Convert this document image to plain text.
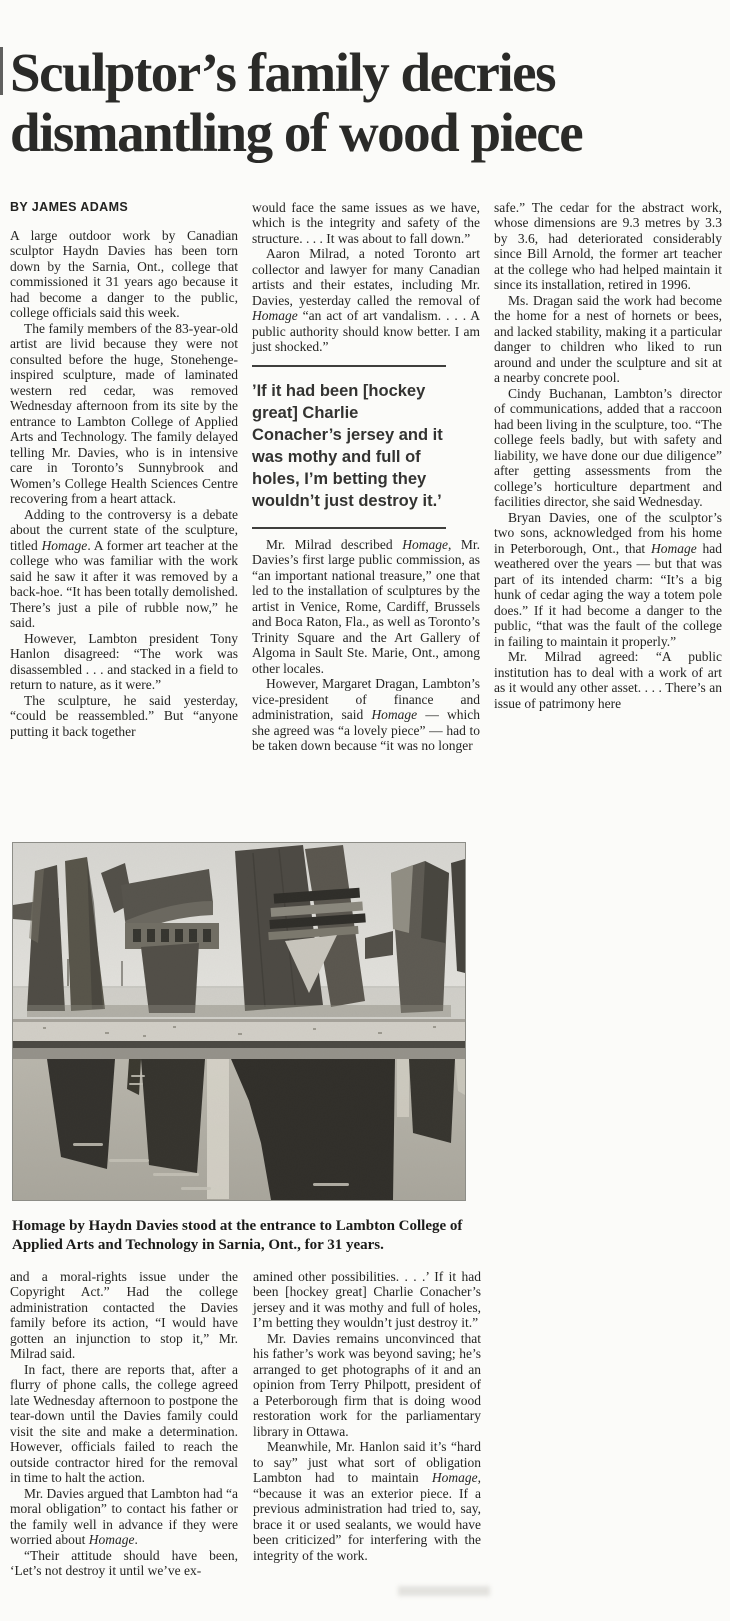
Sculptor’s family decries
dismantling of wood piece

BY JAMES ADAMS

A large outdoor work by Canadian sculptor Haydn Davies has been torn down by the Sarnia, Ont., college that commissioned it 31 years ago because it had become a danger to the public, college officials said this week.

The family members of the 83-year-old artist are livid because they were not consulted before the huge, Stonehenge-inspired sculpture, made of laminated western red cedar, was removed Wednesday afternoon from its site by the entrance to Lambton College of Applied Arts and Technology. The family delayed telling Mr. Davies, who is in intensive care in Toronto’s Sunnybrook and Women’s College Health Sciences Centre recovering from a heart attack.

Adding to the controversy is a debate about the current state of the sculpture, titled Homage. A former art teacher at the college who was familiar with the work said he saw it after it was removed by a back-hoe. “It has been totally demolished. There’s just a pile of rubble now,” he said.

However, Lambton president Tony Hanlon disagreed: “The work was disassembled . . . and stacked in a field to return to nature, as it were.”

The sculpture, he said yesterday, “could be reassembled.” But “anyone putting it back together

would face the same issues as we have, which is the integrity and safety of the structure. . . . It was about to fall down.”

Aaron Milrad, a noted Toronto art collector and lawyer for many Canadian artists and their estates, including Mr. Davies, yesterday called the removal of Homage “an act of art vandalism. . . . A public authority should know better. I am just shocked.”

’If it had been [hockey great] Charlie Conacher’s jersey and it was mothy and full of holes, I’m betting they wouldn’t just destroy it.’

Mr. Milrad described Homage, Mr. Davies’s first large public commission, as “an important national treasure,” one that led to the installation of sculptures by the artist in Venice, Rome, Cardiff, Brussels and Boca Raton, Fla., as well as Toronto’s Trinity Square and the Art Gallery of Algoma in Sault Ste. Marie, Ont., among other locales.

However, Margaret Dragan, Lambton’s vice-president of finance and administration, said Homage — which she agreed was “a lovely piece” — had to be taken down because “it was no longer

safe.” The cedar for the abstract work, whose dimensions are 9.3 metres by 3.3 by 3.6, had deteriorated considerably since Bill Arnold, the former art teacher at the college who had helped maintain it since its installation, retired in 1996.

Ms. Dragan said the work had become the home for a nest of hornets or bees, and lacked stability, making it a particular danger to children who liked to run around and under the sculpture and sit at a nearby concrete pool.

Cindy Buchanan, Lambton’s director of communications, added that a raccoon had been living in the sculpture, too. “The college feels badly, but with safety and liability, we have done our due diligence” after getting assessments from the college’s horticulture department and facilities director, she said Wednesday.

Bryan Davies, one of the sculptor’s two sons, acknowledged from his home in Peterborough, Ont., that Homage had weathered over the years — but that was part of its intended charm: “It’s a big hunk of cedar aging the way a totem pole does.” If it had become a danger to the public, “that was the fault of the college in failing to maintain it properly.”

Mr. Milrad agreed: “A public institution has to deal with a work of art as it would any other asset. . . . There’s an issue of patrimony here

Homage by Haydn Davies stood at the entrance to Lambton College of Applied Arts and Technology in Sarnia, Ont., for 31 years.

and a moral-rights issue under the Copyright Act.” Had the college administration contacted the Davies family before its action, “I would have gotten an injunction to stop it,” Mr. Milrad said.

In fact, there are reports that, after a flurry of phone calls, the college agreed late Wednesday afternoon to postpone the tear-down until the Davies family could visit the site and make a determination. However, officials failed to reach the outside contractor hired for the removal in time to halt the action.

Mr. Davies argued that Lambton had “a moral obligation” to contact his father or the family well in advance if they were worried about Homage.

“Their attitude should have been, ‘Let’s not destroy it until we’ve ex-

amined other possibilities. . . .’ If it had been [hockey great] Charlie Conacher’s jersey and it was mothy and full of holes, I’m betting they wouldn’t just destroy it.”

Mr. Davies remains unconvinced that his father’s work was beyond saving; he’s arranged to get photographs of it and an opinion from Terry Philpott, president of a Peterborough firm that is doing wood restoration work for the parliamentary library in Ottawa.

Meanwhile, Mr. Hanlon said it’s “hard to say” just what sort of obligation Lambton had to maintain Homage, “because it was an exterior piece. If a previous administration had tried to, say, brace it or used sealants, we would have been criticized” for interfering with the integrity of the work.
